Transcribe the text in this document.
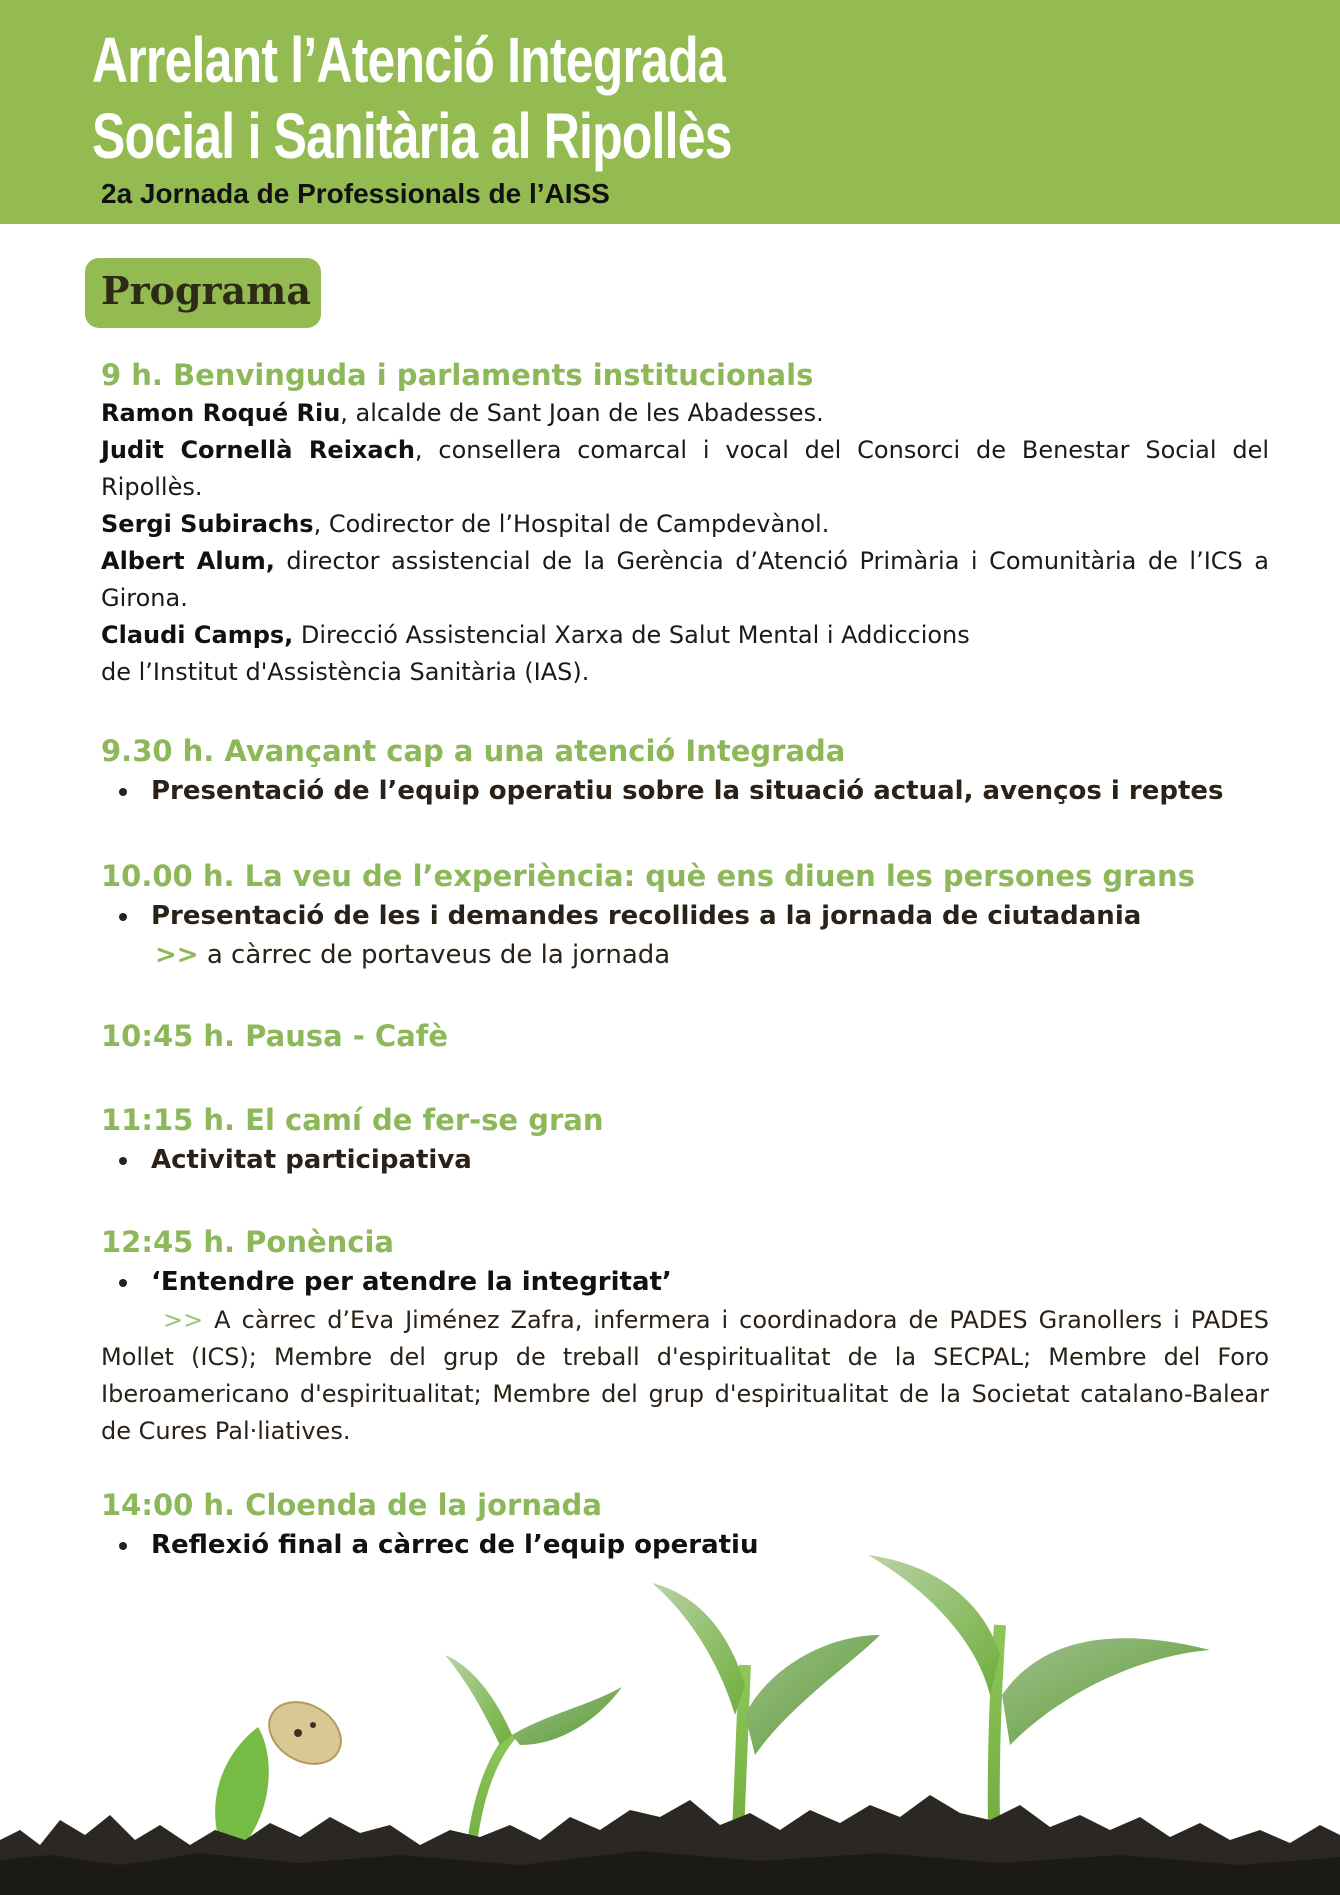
Arrelant l’Atenció Integrada
Social i Sanitària al Ripollès
2a Jornada de Professionals de l’AISS
Programa
9 h. Benvinguda i parlaments institucionals

Ramon Roqué Riu, alcalde de Sant Joan de les Abadesses.

Judit Cornellà Reixach, consellera comarcal i vocal del Consorci de Benestar Social del Ripollès.

Sergi Subirachs, Codirector de l’Hospital de Campdevànol.

Albert Alum, director assistencial de la Gerència d’Atenció Primària i Comunitària de l’ICS a Girona.

Claudi Camps, Direcció Assistencial Xarxa de Salut Mental i Addiccions
de l’Institut d'Assistència Sanitària (IAS).

9.30 h. Avançant cap a una atenció Integrada
Presentació de l’equip operatiu sobre la situació actual, avenços i reptes
10.00 h. La veu de l’experiència: què ens diuen les persones grans
Presentació de les i demandes recollides a la jornada de ciutadania
>> a càrrec de portaveus de la jornada
10:45 h. Pausa - Cafè
11:15 h. El camí de fer-se gran
Activitat participativa
12:45 h. Ponència
‘Entendre per atendre la integritat’

>> A càrrec d’Eva Jiménez Zafra, infermera i coordinadora de PADES Granollers i PADES Mollet (ICS); Membre del grup de treball d'espiritualitat de la SECPAL; Membre del Foro Iberoamericano d'espiritualitat; Membre del grup d'espiritualitat de la Societat catalano-Balear de Cures Pal·liatives.

14:00 h. Cloenda de la jornada
Reflexió final a càrrec de l’equip operatiu
